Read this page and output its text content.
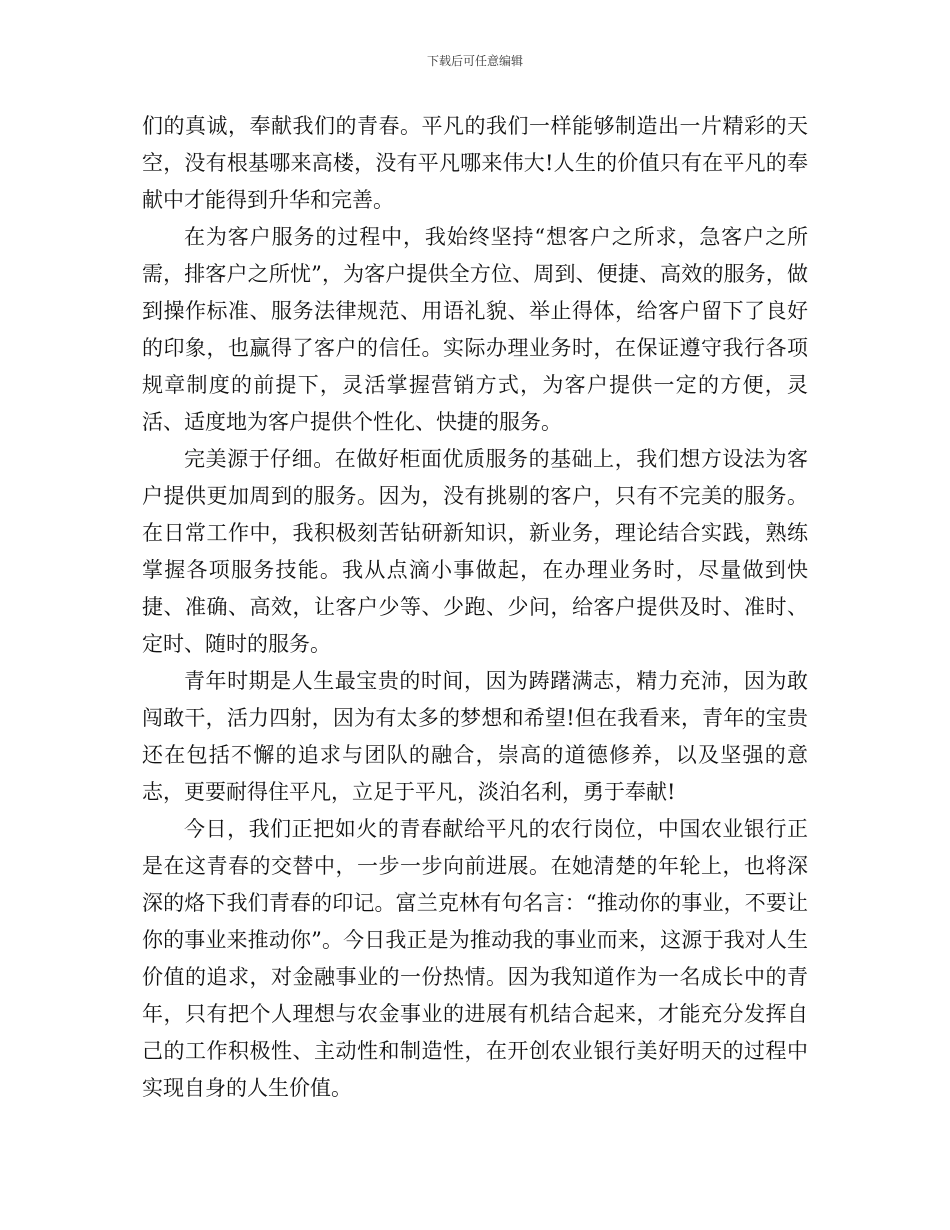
下载后可任意编辑

们的真诚，奉献我们的青春。平凡的我们一样能够制造出一片精彩的天空，没有根基哪来高楼，没有平凡哪来伟大!人生的价值只有在平凡的奉献中才能得到升华和完善。

在为客户服务的过程中，我始终坚持“想客户之所求，急客户之所需，排客户之所忧”，为客户提供全方位、周到、便捷、高效的服务，做到操作标准、服务法律规范、用语礼貌、举止得体，给客户留下了良好的印象，也赢得了客户的信任。实际办理业务时，在保证遵守我行各项规章制度的前提下，灵活掌握营销方式，为客户提供一定的方便，灵活、适度地为客户提供个性化、快捷的服务。

完美源于仔细。在做好柜面优质服务的基础上，我们想方设法为客户提供更加周到的服务。因为，没有挑剔的客户，只有不完美的服务。在日常工作中，我积极刻苦钻研新知识，新业务，理论结合实践，熟练掌握各项服务技能。我从点滴小事做起，在办理业务时，尽量做到快捷、准确、高效，让客户少等、少跑、少问，给客户提供及时、准时、定时、随时的服务。

青年时期是人生最宝贵的时间，因为踌躇满志，精力充沛，因为敢闯敢干，活力四射，因为有太多的梦想和希望!但在我看来，青年的宝贵还在包括不懈的追求与团队的融合，崇高的道德修养，以及坚强的意志，更要耐得住平凡，立足于平凡，淡泊名利，勇于奉献!

今日，我们正把如火的青春献给平凡的农行岗位，中国农业银行正是在这青春的交替中，一步一步向前进展。在她清楚的年轮上，也将深深的烙下我们青春的印记。富兰克林有句名言：“推动你的事业，不要让你的事业来推动你”。今日我正是为推动我的事业而来，这源于我对人生价值的追求，对金融事业的一份热情。因为我知道作为一名成长中的青年，只有把个人理想与农金事业的进展有机结合起来，才能充分发挥自己的工作积极性、主动性和制造性，在开创农业银行美好明天的过程中实现自身的人生价值。
